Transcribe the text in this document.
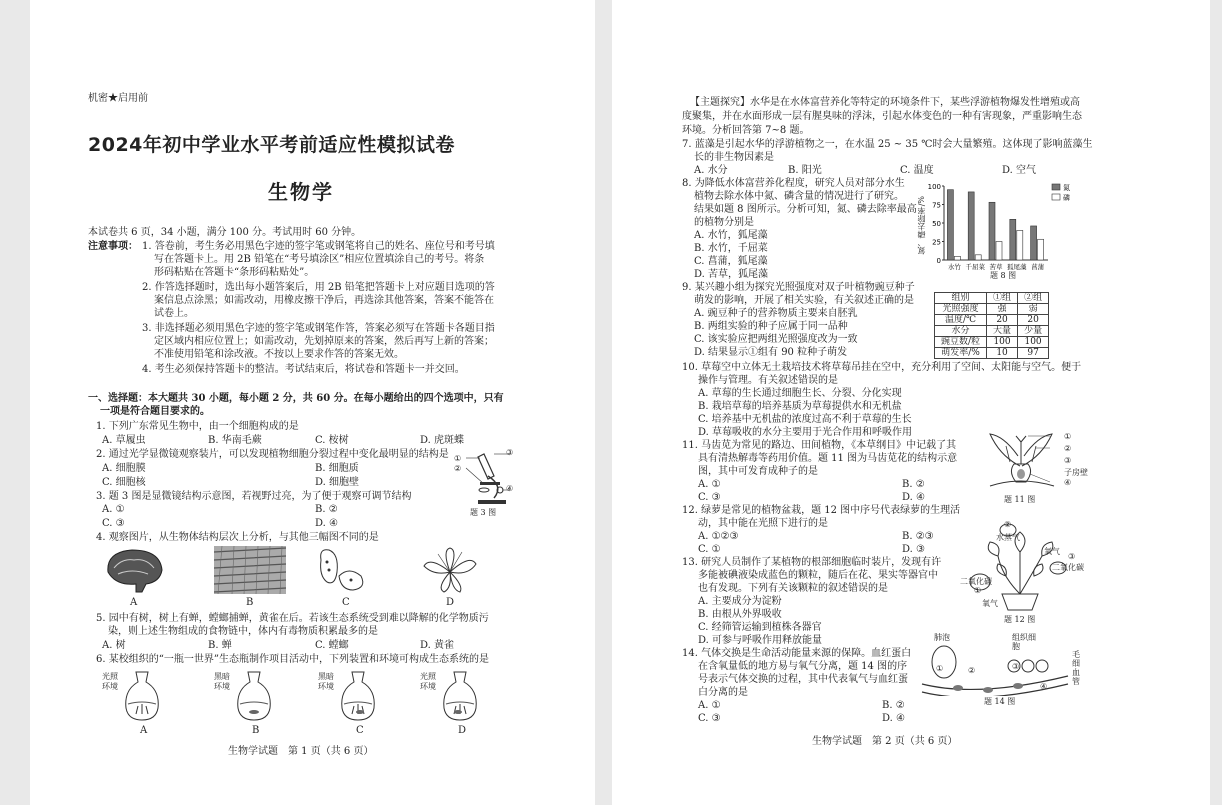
机密★启用前
2024年初中学业水平考前适应性模拟试卷
生物学
本试卷共 6 页，34 小题，满分 100 分。考试用时 60 分钟。
注意事项： 1. 答卷前，考生务必用黑色字迹的签字笔或钢笔将自己的姓名、座位号和考号填
写在答题卡上。用 2B 铅笔在“考号填涂区”相应位置填涂自己的考号。将条
形码粘贴在答题卡“条形码粘贴处”。
2. 作答选择题时，选出每小题答案后，用 2B 铅笔把答题卡上对应题目选项的答
案信息点涂黑；如需改动，用橡皮擦干净后，再选涂其他答案，答案不能答在
试卷上。
3. 非选择题必须用黑色字迹的签字笔或钢笔作答，答案必须写在答题卡各题目指
定区域内相应位置上；如需改动，先划掉原来的答案，然后再写上新的答案；
不准使用铅笔和涂改液。不按以上要求作答的答案无效。
4. 考生必须保持答题卡的整洁。考试结束后，将试卷和答题卡一并交回。
一、选择题：本大题共 30 小题，每小题 2 分，共 60 分。在每小题给出的四个选项中，只有
一项是符合题目要求的。
1. 下列广东常见生物中，由一个细胞构成的是
A. 草履虫	B. 华南毛蕨	C. 桉树	D. 虎斑蝶
2. 通过光学显微镜观察装片，可以发现植物细胞分裂过程中变化最明显的结构是
A. 细胞膜	B. 细胞质
C. 细胞核	D. 细胞壁
3. 题 3 图是显微镜结构示意图，若视野过亮，为了便于观察可调节结构
A. ①	B. ②
C. ③	D. ④
①
②
③
④
题 3 图
4. 观察图片，从生物体结构层次上分析，与其他三幅图不同的是
A	B	C	D
5. 园中有树，树上有蝉，螳螂捕蝉，黄雀在后。若该生态系统受到难以降解的化学物质污
染，则上述生物组成的食物链中，体内有毒物质积累最多的是
A. 树	B. 蝉	C. 螳螂	D. 黄雀
6. 某校组织的“一瓶一世界”生态瓶制作项目活动中，下列装置和环境可构成生态系统的是
光照
环境
黑暗
环境
黑暗
环境
光照
环境
A	B	C	D
生物学试题　第 1 页（共 6 页）
【主题探究】水华是在水体富营养化等特定的环境条件下，某些浮游植物爆发性增殖或高
度聚集，并在水面形成一层有腥臭味的浮沫，引起水体变色的一种有害现象，严重影响生态
环境。分析回答第 7~8 题。
7. 蓝藻是引起水华的浮游植物之一，在水温 25 ~ 35 ℃时会大量繁殖。这体现了影响蓝藻生
长的非生物因素是
A. 水分	B. 阳光	C. 温度	D. 空气
8. 为降低水体富营养化程度，研究人员对部分水生
植物去除水体中氮、磷含量的情况进行了研究。
结果如题 8 图所示。分析可知，氮、磷去除率最高
的植物分别是
A. 水竹，狐尾藻
B. 水竹，千屈菜
C. 菖蒲，狐尾藻
D. 苦草，狐尾藻
0
25
50
75
100
水竹 千屈菜 苦草 狐尾藻 菖蒲
氮
磷
氮、磷去除率/%
题 8 图
9. 某兴趣小组为探究光照强度对双子叶植物豌豆种子
萌发的影响，开展了相关实验，有关叙述正确的是
A. 豌豆种子的营养物质主要来自胚乳
B. 两组实验的种子应属于同一品种
C. 该实验应把两组光照强度改为一致
D. 结果显示①组有 90 粒种子萌发
组别	①组	②组
光照强度	强	弱
温度/℃	20	20
水分	大量	少量
豌豆数/粒	100	100
萌发率/%	10	97
10. 草莓空中立体无土栽培技术将草莓吊挂在空中，充分利用了空间、太阳能与空气。便于
操作与管理。有关叙述错误的是
A. 草莓的生长通过细胞生长、分裂、分化实现
B. 栽培草莓的培养基质为草莓提供水和无机盐
C. 培养基中无机盐的浓度过高不利于草莓的生长
D. 草莓吸收的水分主要用于光合作用和呼吸作用
11. 马齿苋为常见的路边、田间植物，《本草纲目》中记载了其
具有清热解毒等药用价值。题 11 图为马齿苋花的结构示意
图，其中可发育成种子的是
A. ①	B. ②
C. ③	D. ④
①
②
③
子房壁
④
题 11 图
12. 绿萝是常见的植物盆栽，题 12 图中序号代表绿萝的生理活
动，其中能在光照下进行的是
A. ①②③	B. ②③
C. ①	D. ③
②
水蒸气
氧气
③
二氧化碳
二氧化碳
①
氧气
题 12 图
13. 研究人员制作了某植物的根部细胞临时装片，发现有许
多能被碘液染成蓝色的颗粒，随后在花、果实等器官中
也有发现。下列有关该颗粒的叙述错误的是
A. 主要成分为淀粉
B. 由根从外界吸收
C. 经筛管运输到植株各器官
D. 可参与呼吸作用释放能量
14. 气体交换是生命活动能量来源的保障。血红蛋白
在含氧量低的地方易与氧气分离，题 14 图的序
号表示气体交换的过程，其中代表氧气与血红蛋
白分离的是
A. ①	B. ②
C. ③	D. ④
肺泡	组织细胞
毛细血管
①	②	③
④
题 14 图
生物学试题　第 2 页（共 6 页）
